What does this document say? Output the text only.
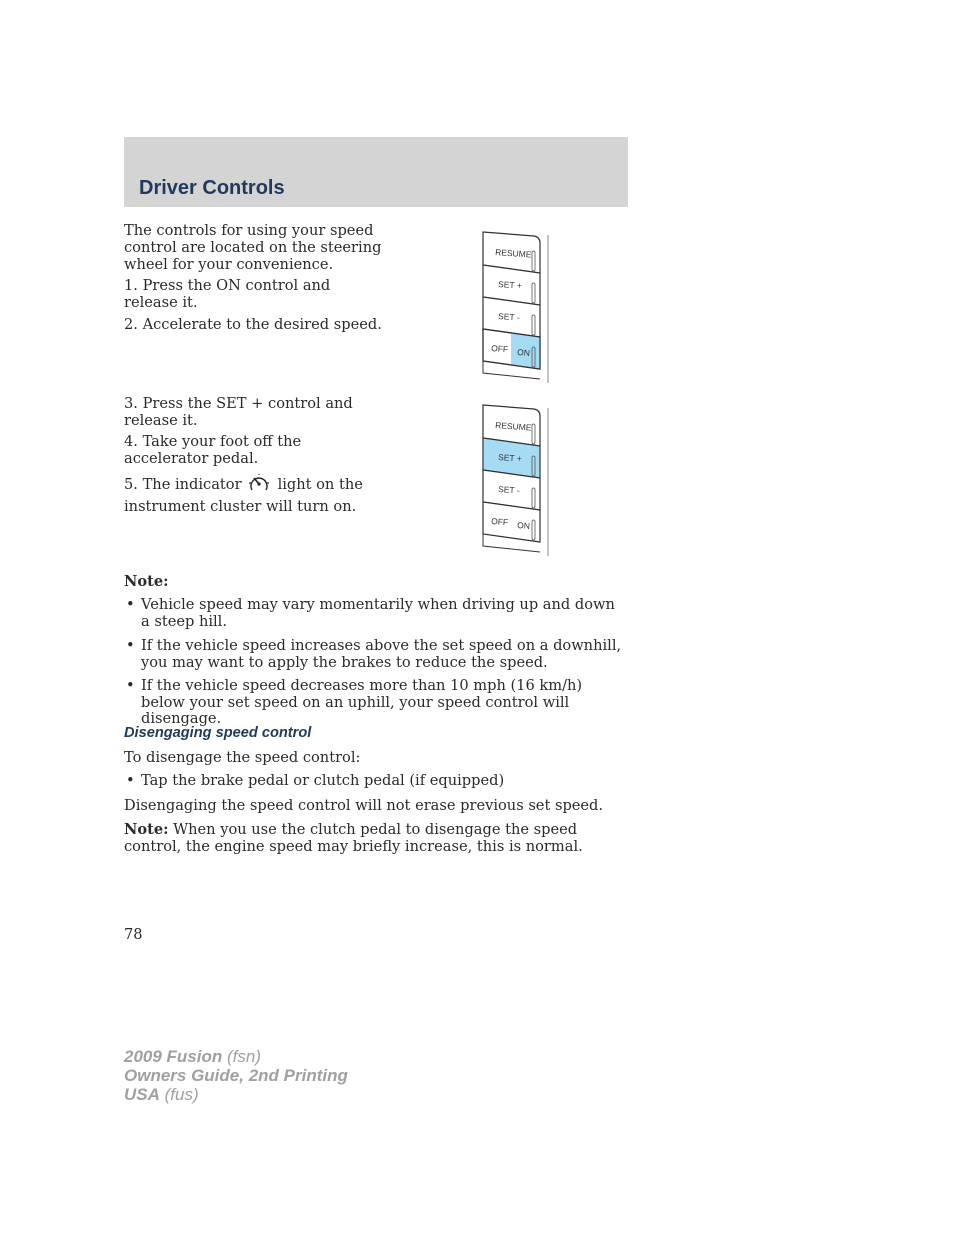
Driver Controls

The controls for using your speed control are located on the steering wheel for your convenience.

1. Press the ON control and release it.

2. Accelerate to the desired speed.

RESUME
SET +
SET -
OFF ON

3. Press the SET + control and release it.

4. Take your foot off the accelerator pedal.

5. The indicator light on the instrument cluster will turn on.

RESUME
SET +
SET -
OFF ON

Note:

• Vehicle speed may vary momentarily when driving up and down a steep hill.
• If the vehicle speed increases above the set speed on a downhill, you may want to apply the brakes to reduce the speed.
• If the vehicle speed decreases more than 10 mph (16 km/h) below your set speed on an uphill, your speed control will disengage.
Disengaging speed control

To disengage the speed control:

• Tap the brake pedal or clutch pedal (if equipped)

Disengaging the speed control will not erase previous set speed.

Note: When you use the clutch pedal to disengage the speed control, the engine speed may briefly increase, this is normal.

78
2009 Fusion (fsn)
Owners Guide, 2nd Printing
USA (fus)
